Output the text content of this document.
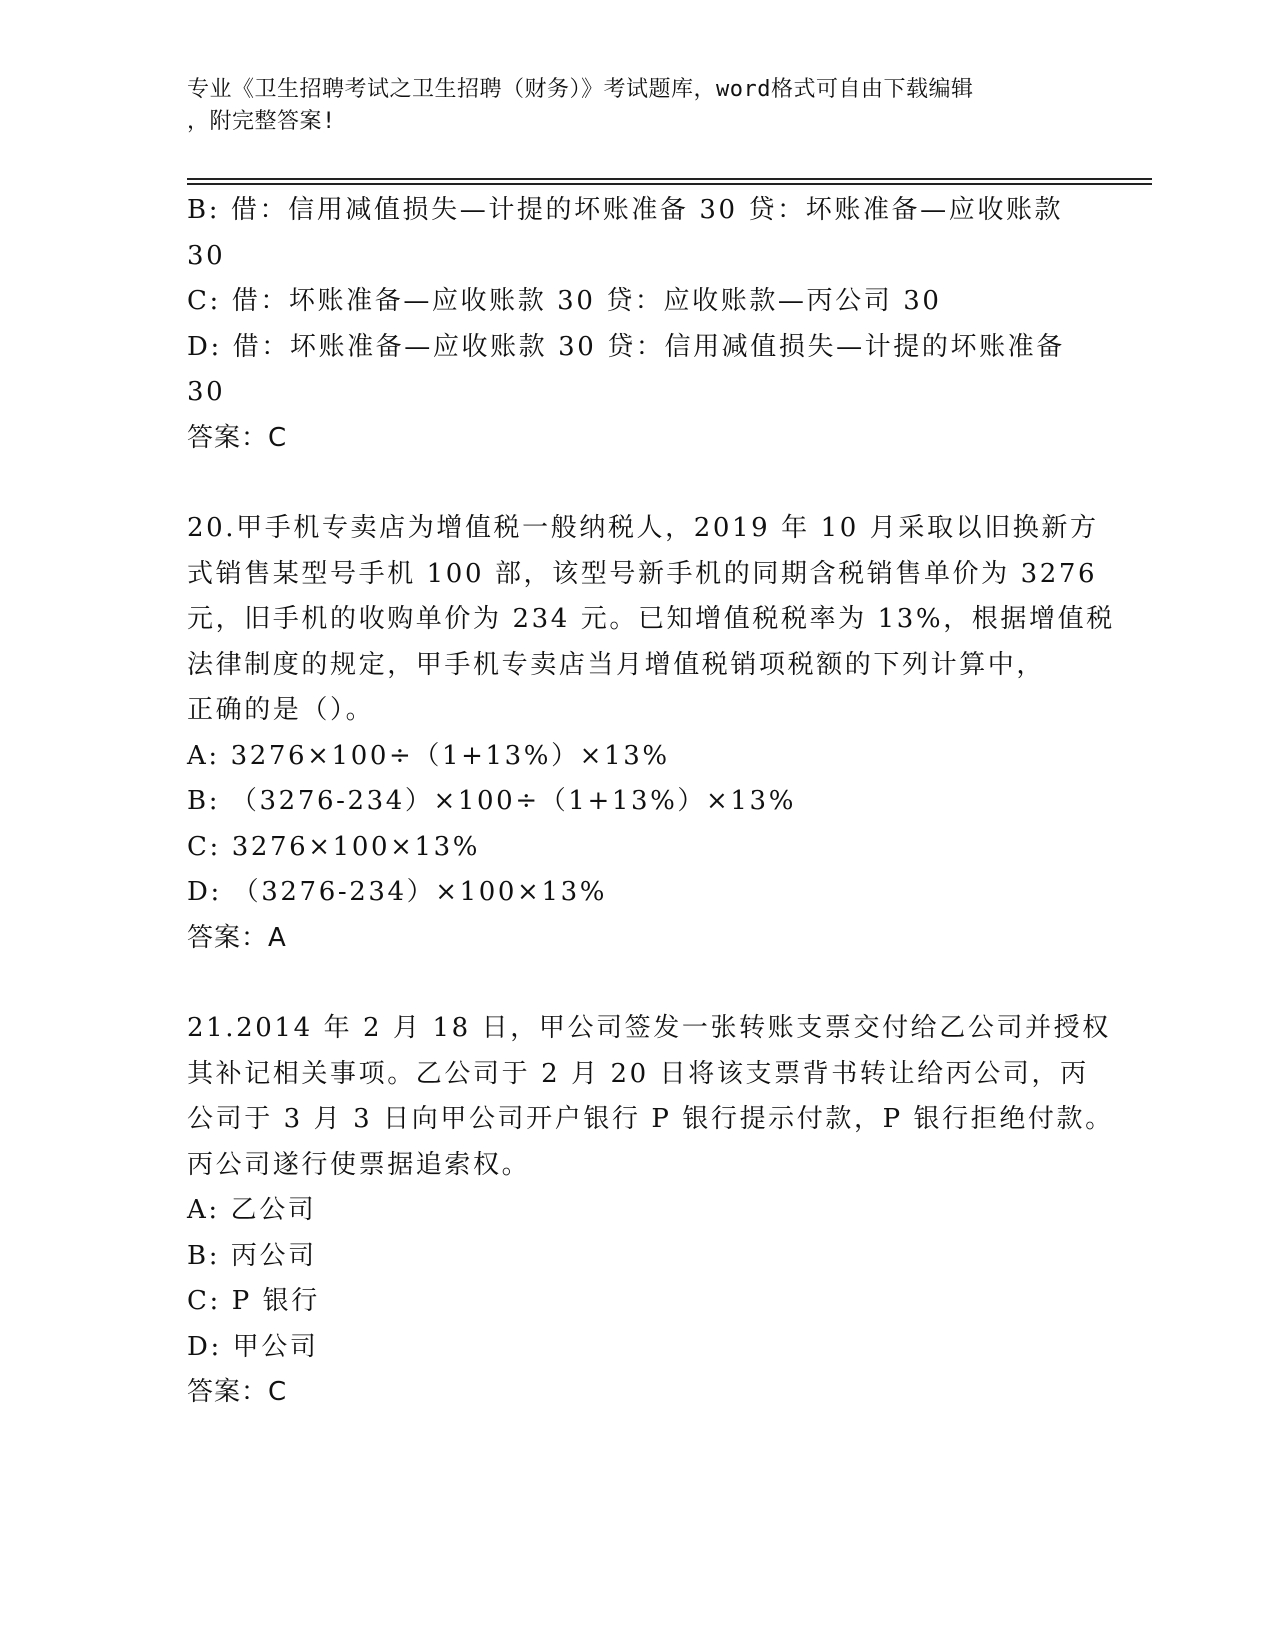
专业《卫生招聘考试之卫生招聘（财务）》考试题库，word格式可自由下载编辑
，附完整答案!

B: 借：信用减值损失—计提的坏账准备 30 贷：坏账准备—应收账款

30

C: 借：坏账准备—应收账款 30 贷：应收账款—丙公司 30

D: 借：坏账准备—应收账款 30 贷：信用减值损失—计提的坏账准备

30

答案：C

20.甲手机专卖店为增值税一般纳税人，2019 年 10 月采取以旧换新方

式销售某型号手机 100 部，该型号新手机的同期含税销售单价为 3276

元，旧手机的收购单价为 234 元。已知增值税税率为 13%，根据增值税

法律制度的规定，甲手机专卖店当月增值税销项税额的下列计算中，

正确的是（）。

A: 3276×100÷（1+13%）×13%

B: （3276-234）×100÷（1+13%）×13%

C: 3276×100×13%

D: （3276-234）×100×13%

答案：A

21.2014 年 2 月 18 日，甲公司签发一张转账支票交付给乙公司并授权

其补记相关事项。乙公司于 2 月 20 日将该支票背书转让给丙公司，丙

公司于 3 月 3 日向甲公司开户银行 P 银行提示付款，P 银行拒绝付款。

丙公司遂行使票据追索权。

A: 乙公司

B: 丙公司

C: P 银行

D: 甲公司

答案：C
